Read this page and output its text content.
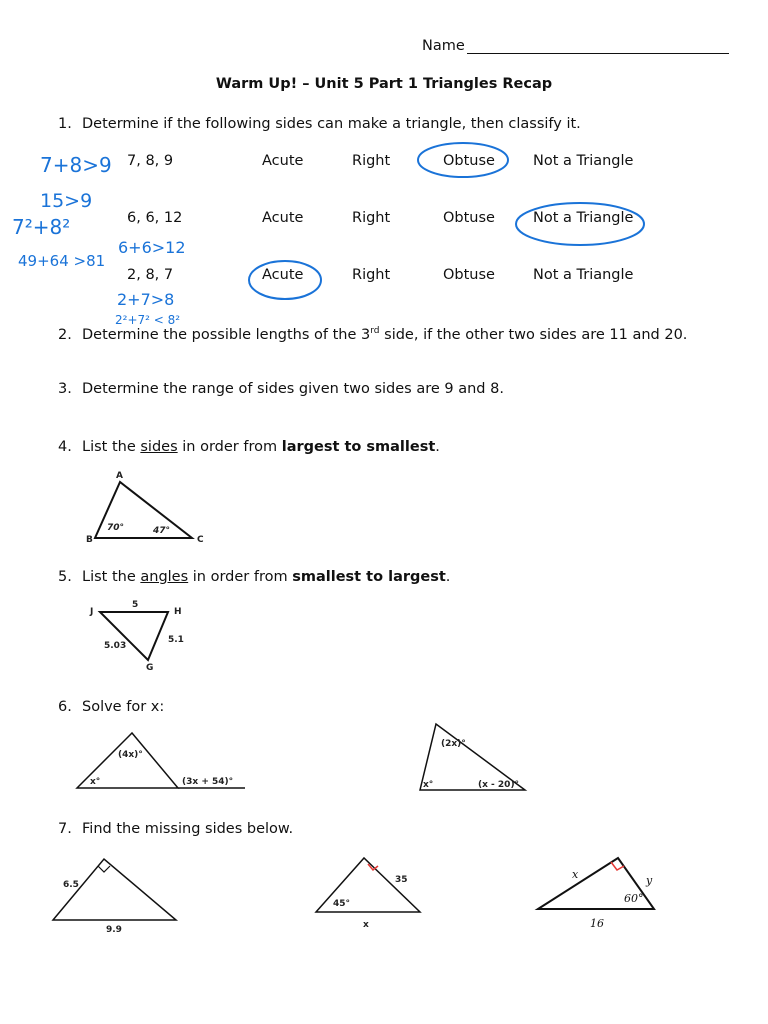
Name
Warm Up! – Unit 5 Part 1 Triangles Recap
1. Determine if the following sides can make a triangle, then classify it.
7, 8, 9	Acute	Right	Obtuse	Not a Triangle
6, 6, 12	Acute	Right	Obtuse	Not a Triangle
2, 8, 7	Acute	Right	Obtuse	Not a Triangle
2. Determine the possible lengths of the 3rd side, if the other two sides are 11 and 20.
3. Determine the range of sides given two sides are 9 and 8.
4. List the sides in order from largest to smallest.
5. List the angles in order from smallest to largest.
6. Solve for x:
7. Find the missing sides below.
7+8>9
15>9
7²+8²
49+64 >81
6+6>12
2+7>8
2²+7² < 8²
A
B	C
70°	47°
J	H
G
5
5.03
5.1
(4x)°
x°	(3x + 54)°
(2x)°
x°	(x - 20)°
6.5
9.9
45°
35
x
x	y
60°
16
